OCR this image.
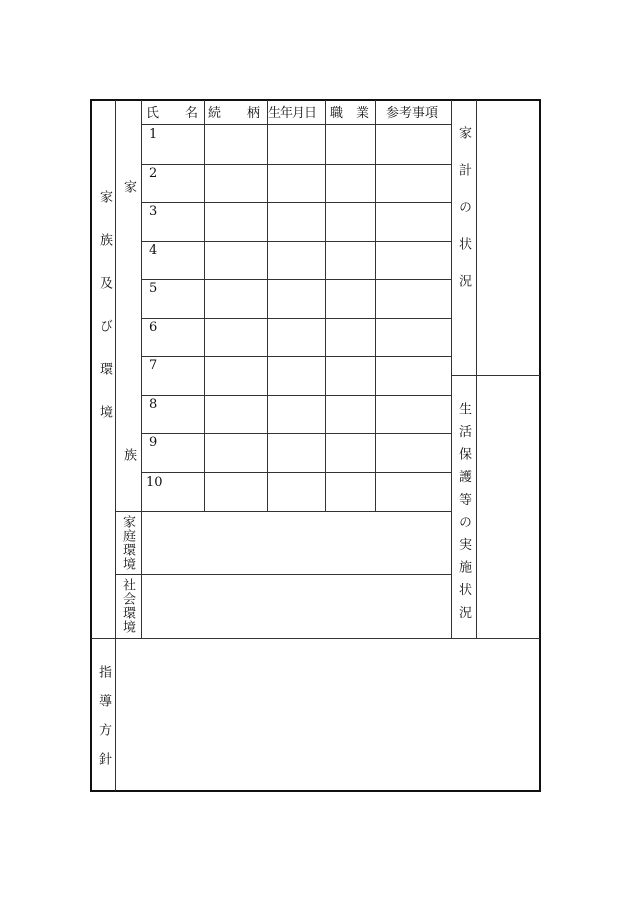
家族及び環境
家
族
氏　　名 続　　柄 生年月日 職　業 参考事項
1
2
3
4
5
6
7
8
9
10
家庭環境
社会環境
家計の状況
生活保護等の実施状況
指導方針
